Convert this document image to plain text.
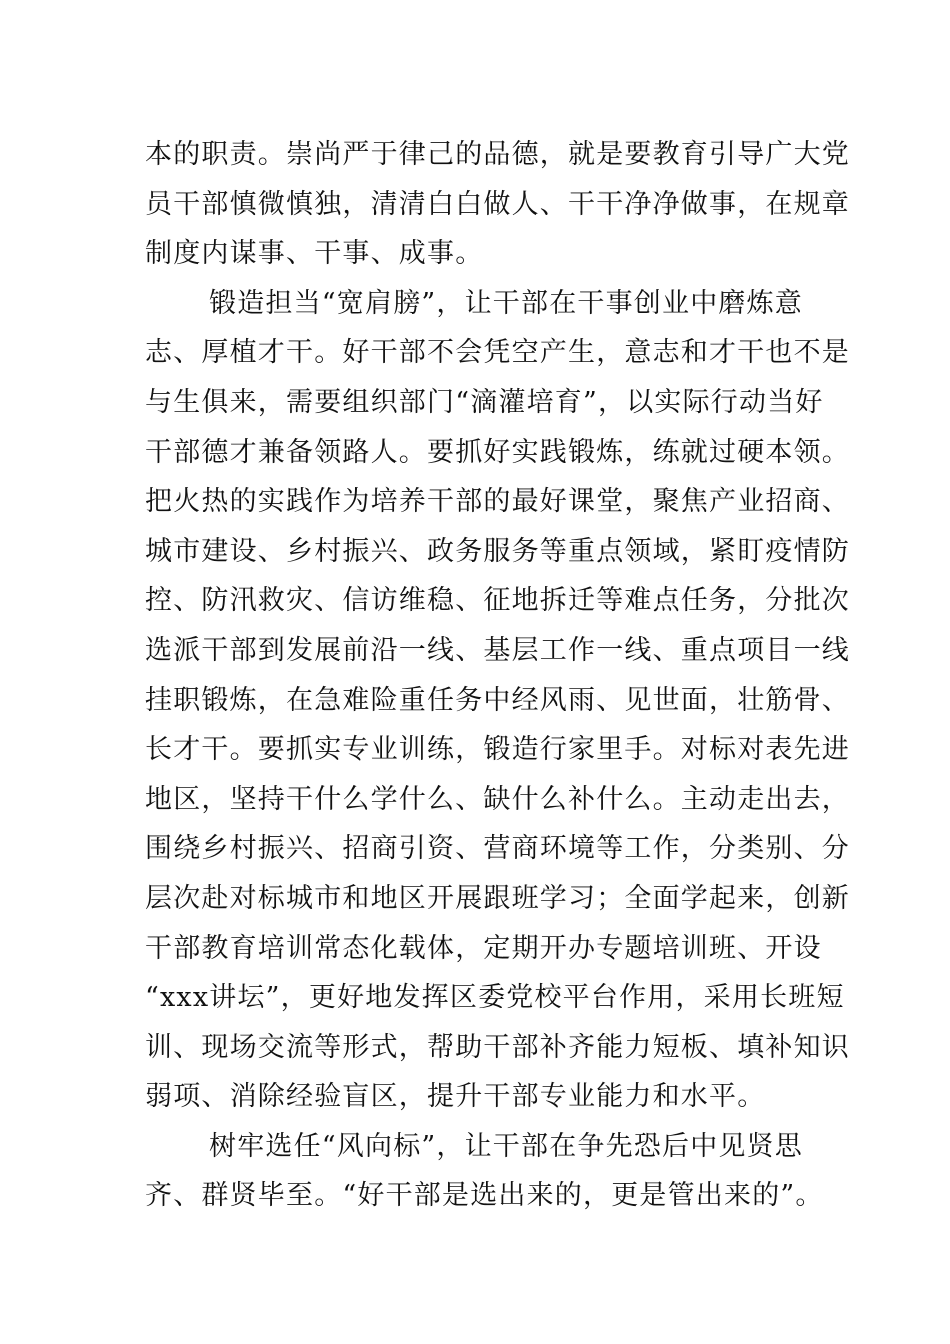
本的职责。崇尚严于律己的品德，就是要教育引导广大党
员干部慎微慎独，清清白白做人、干干净净做事，在规章
制度内谋事、干事、成事。
锻造担当“宽肩膀”，让干部在干事创业中磨炼意
志、厚植才干。好干部不会凭空产生，意志和才干也不是
与生俱来，需要组织部门“滴灌培育”，以实际行动当好
干部德才兼备领路人。要抓好实践锻炼，练就过硬本领。
把火热的实践作为培养干部的最好课堂，聚焦产业招商、
城市建设、乡村振兴、政务服务等重点领域，紧盯疫情防
控、防汛救灾、信访维稳、征地拆迁等难点任务，分批次
选派干部到发展前沿一线、基层工作一线、重点项目一线
挂职锻炼，在急难险重任务中经风雨、见世面，壮筋骨、
长才干。要抓实专业训练，锻造行家里手。对标对表先进
地区，坚持干什么学什么、缺什么补什么。主动走出去，
围绕乡村振兴、招商引资、营商环境等工作，分类别、分
层次赴对标城市和地区开展跟班学习；全面学起来，创新
干部教育培训常态化载体，定期开办专题培训班、开设
“xxx讲坛”，更好地发挥区委党校平台作用，采用长班短
训、现场交流等形式，帮助干部补齐能力短板、填补知识
弱项、消除经验盲区，提升干部专业能力和水平。
树牢选任“风向标”，让干部在争先恐后中见贤思
齐、群贤毕至。“好干部是选出来的，更是管出来的”。
